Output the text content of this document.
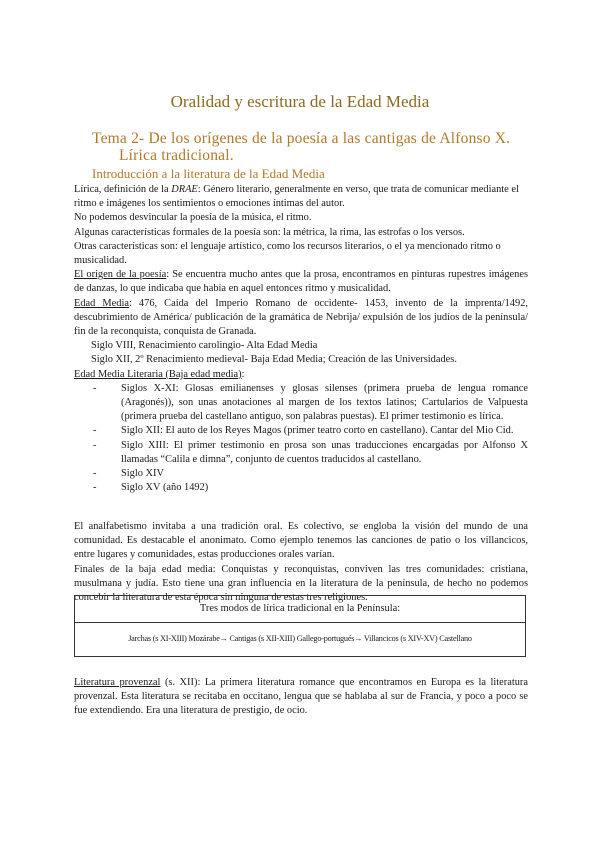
Oralidad y escritura de la Edad Media
Tema 2- De los orígenes de la poesía a las cantigas de Alfonso X.
Lírica tradicional.
Introducción a la literatura de la Edad Media

Lírica, definición de la DRAE: Género literario, generalmente en verso, que trata de comunicar mediante el ritmo e imágenes los sentimientos o emociones íntimas del autor.

No podemos desvincular la poesía de la música, el ritmo.

Algunas características formales de la poesía son: la métrica, la rima, las estrofas o los versos.

Otras características son: el lenguaje artístico, como los recursos literarios, o el ya mencionado ritmo o musicalidad.

El origen de la poesía: Se encuentra mucho antes que la prosa, encontramos en pinturas rupestres imágenes de danzas, lo que indicaba que había en aquel entonces ritmo y musicalidad.

Edad Media: 476, Caída del Imperio Romano de occidente- 1453, invento de la imprenta/1492, descubrimiento de América/ publicación de la gramática de Nebrija/ expulsión de los judíos de la península/ fin de la reconquista, conquista de Granada.

Siglo VIII, Renacimiento carolingio- Alta Edad Media

Siglo XII, 2º Renacimiento medieval- Baja Edad Media; Creación de las Universidades.

Edad Media Literaria (Baja edad media):

- Siglos X-XI: Glosas emilianenses y glosas silenses (primera prueba de lengua romance (Aragonés)), son unas anotaciones al margen de los textos latinos; Cartularios de Valpuesta (primera prueba del castellano antiguo, son palabras puestas). El primer testimonio es lírica.
- Siglo XII: El auto de los Reyes Magos (primer teatro corto en castellano). Cantar del Mio Cid.
- Siglo XIII: El primer testimonio en prosa son unas traducciones encargadas por Alfonso X llamadas “Calila e dimna”, conjunto de cuentos traducidos al castellano.
- Siglo XIV
- Siglo XV (año 1492)

El analfabetismo invitaba a una tradición oral. Es colectivo, se engloba la visión del mundo de una comunidad. Es destacable el anonimato. Como ejemplo tenemos las canciones de patio o los villancicos, entre lugares y comunidades, estas producciones orales varían.

Finales de la baja edad media: Conquistas y reconquistas, conviven las tres comunidades: cristiana, musulmana y judía. Esto tiene una gran influencia en la literatura de la península, de hecho no podemos concebir la literatura de esta época sin ninguna de estas tres religiones.

Tres modos de lírica tradicional en la Península:
Jarchas (s XI-XIII) Mozárabe→ Cantigas (s XII-XIII) Gallego-portugués→ Villancicos (s XIV-XV) Castellano

Literatura provenzal (s. XII): La primera literatura romance que encontramos en Europa es la literatura provenzal. Esta literatura se recitaba en occitano, lengua que se hablaba al sur de Francia, y poco a poco se fue extendiendo. Era una literatura de prestigio, de ocio.
